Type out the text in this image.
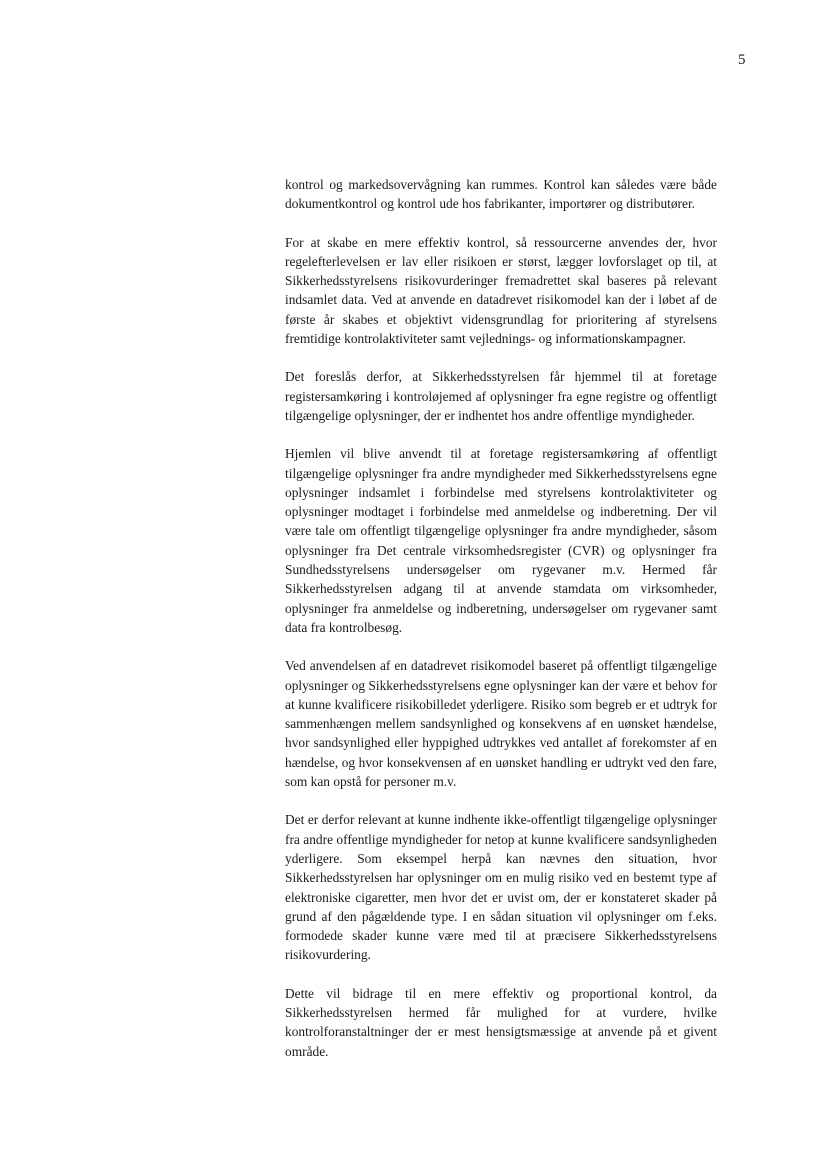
5

kontrol og markedsovervågning kan rummes. Kontrol kan således være både dokumentkontrol og kontrol ude hos fabrikanter, importører og distributører.

For at skabe en mere effektiv kontrol, så ressourcerne anvendes der, hvor regelefterlevelsen er lav eller risikoen er størst, lægger lovforslaget op til, at Sikkerhedsstyrelsens risikovurderinger fremadrettet skal baseres på relevant indsamlet data. Ved at anvende en datadrevet risikomodel kan der i løbet af de første år skabes et objektivt vidensgrundlag for prioritering af styrelsens fremtidige kontrolaktiviteter samt vejlednings- og informationskampagner.

Det foreslås derfor, at Sikkerhedsstyrelsen får hjemmel til at foretage registersamkøring i kontroløjemed af oplysninger fra egne registre og offentligt tilgængelige oplysninger, der er indhentet hos andre offentlige myndigheder.

Hjemlen vil blive anvendt til at foretage registersamkøring af offentligt tilgængelige oplysninger fra andre myndigheder med Sikkerhedsstyrelsens egne oplysninger indsamlet i forbindelse med styrelsens kontrolaktiviteter og oplysninger modtaget i forbindelse med anmeldelse og indberetning. Der vil være tale om offentligt tilgængelige oplysninger fra andre myndigheder, såsom oplysninger fra Det centrale virksomhedsregister (CVR) og oplysninger fra Sundhedsstyrelsens undersøgelser om rygevaner m.v. Hermed får Sikkerhedsstyrelsen adgang til at anvende stamdata om virksomheder, oplysninger fra anmeldelse og indberetning, undersøgelser om rygevaner samt data fra kontrolbesøg.

Ved anvendelsen af en datadrevet risikomodel baseret på offentligt tilgængelige oplysninger og Sikkerhedsstyrelsens egne oplysninger kan der være et behov for at kunne kvalificere risikobilledet yderligere. Risiko som begreb er et udtryk for sammenhængen mellem sandsynlighed og konsekvens af en uønsket hændelse, hvor sandsynlighed eller hyppighed udtrykkes ved antallet af forekomster af en hændelse, og hvor konsekvensen af en uønsket handling er udtrykt ved den fare, som kan opstå for personer m.v.

Det er derfor relevant at kunne indhente ikke-offentligt tilgængelige oplysninger fra andre offentlige myndigheder for netop at kunne kvalificere sandsynligheden yderligere. Som eksempel herpå kan nævnes den situation, hvor Sikkerhedsstyrelsen har oplysninger om en mulig risiko ved en bestemt type af elektroniske cigaretter, men hvor det er uvist om, der er konstateret skader på grund af den pågældende type. I en sådan situation vil oplysninger om f.eks. formodede skader kunne være med til at præcisere Sikkerhedsstyrelsens risikovurdering.

Dette vil bidrage til en mere effektiv og proportional kontrol, da Sikkerhedsstyrelsen hermed får mulighed for at vurdere, hvilke kontrolforanstaltninger der er mest hensigtsmæssige at anvende på et givent område.
